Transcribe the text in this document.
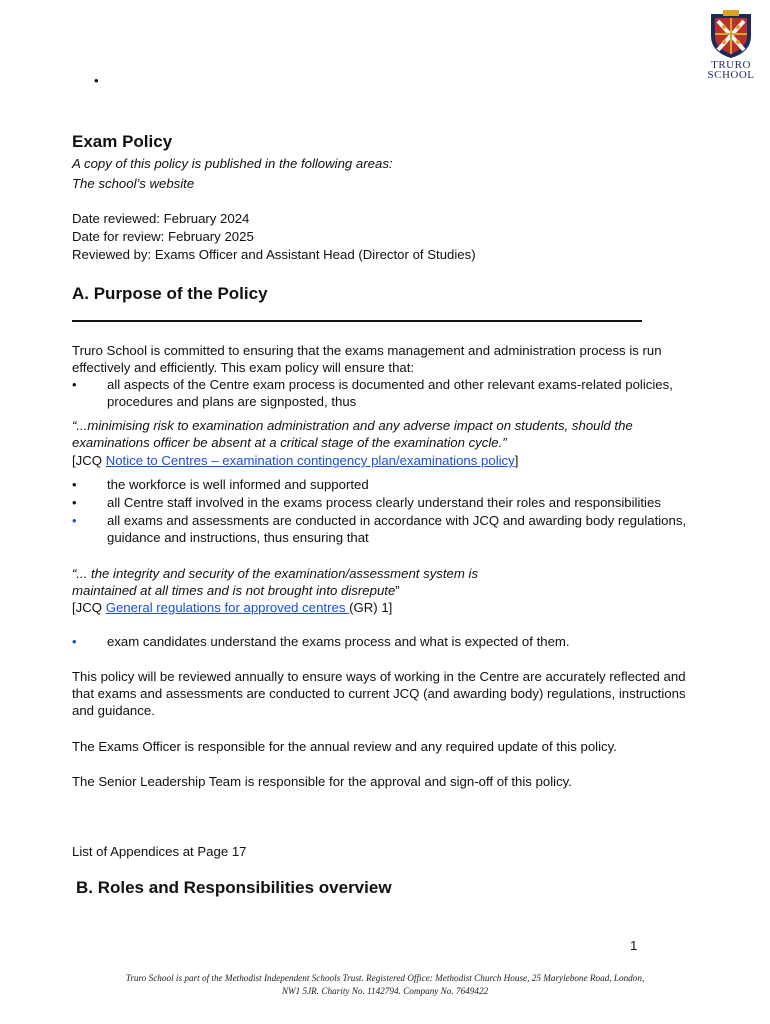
TRURO
SCHOOL
•
Exam Policy
A copy of this policy is published in the following areas:
The school’s website
Date reviewed: February 2024
Date for review: February 2025
Reviewed by: Exams Officer and Assistant Head (Director of Studies)
A. Purpose of the Policy
Truro School is committed to ensuring that the exams management and administration process is run
effectively and efficiently. This exam policy will ensure that:
• all aspects of the Centre exam process is documented and other relevant exams-related policies,
procedures and plans are signposted, thus
“...minimising risk to examination administration and any adverse impact on students, should the
examinations officer be absent at a critical stage of the examination cycle.”
[JCQ Notice to Centres – examination contingency plan/examinations policy]
• the workforce is well informed and supported
• all Centre staff involved in the exams process clearly understand their roles and responsibilities
• all exams and assessments are conducted in accordance with JCQ and awarding body regulations,
guidance and instructions, thus ensuring that
“... the integrity and security of the examination/assessment system is
maintained at all times and is not brought into disrepute”
[JCQ General regulations for approved centres (GR) 1]
• exam candidates understand the exams process and what is expected of them.
This policy will be reviewed annually to ensure ways of working in the Centre are accurately reflected and
that exams and assessments are conducted to current JCQ (and awarding body) regulations, instructions
and guidance.
The Exams Officer is responsible for the annual review and any required update of this policy.
The Senior Leadership Team is responsible for the approval and sign-off of this policy.
List of Appendices at Page 17
B. Roles and Responsibilities overview
1
Truro School is part of the Methodist Independent Schools Trust. Registered Office: Methodist Church House, 25 Marylebone Road, London,
NW1 5JR. Charity No. 1142794. Company No. 7649422
